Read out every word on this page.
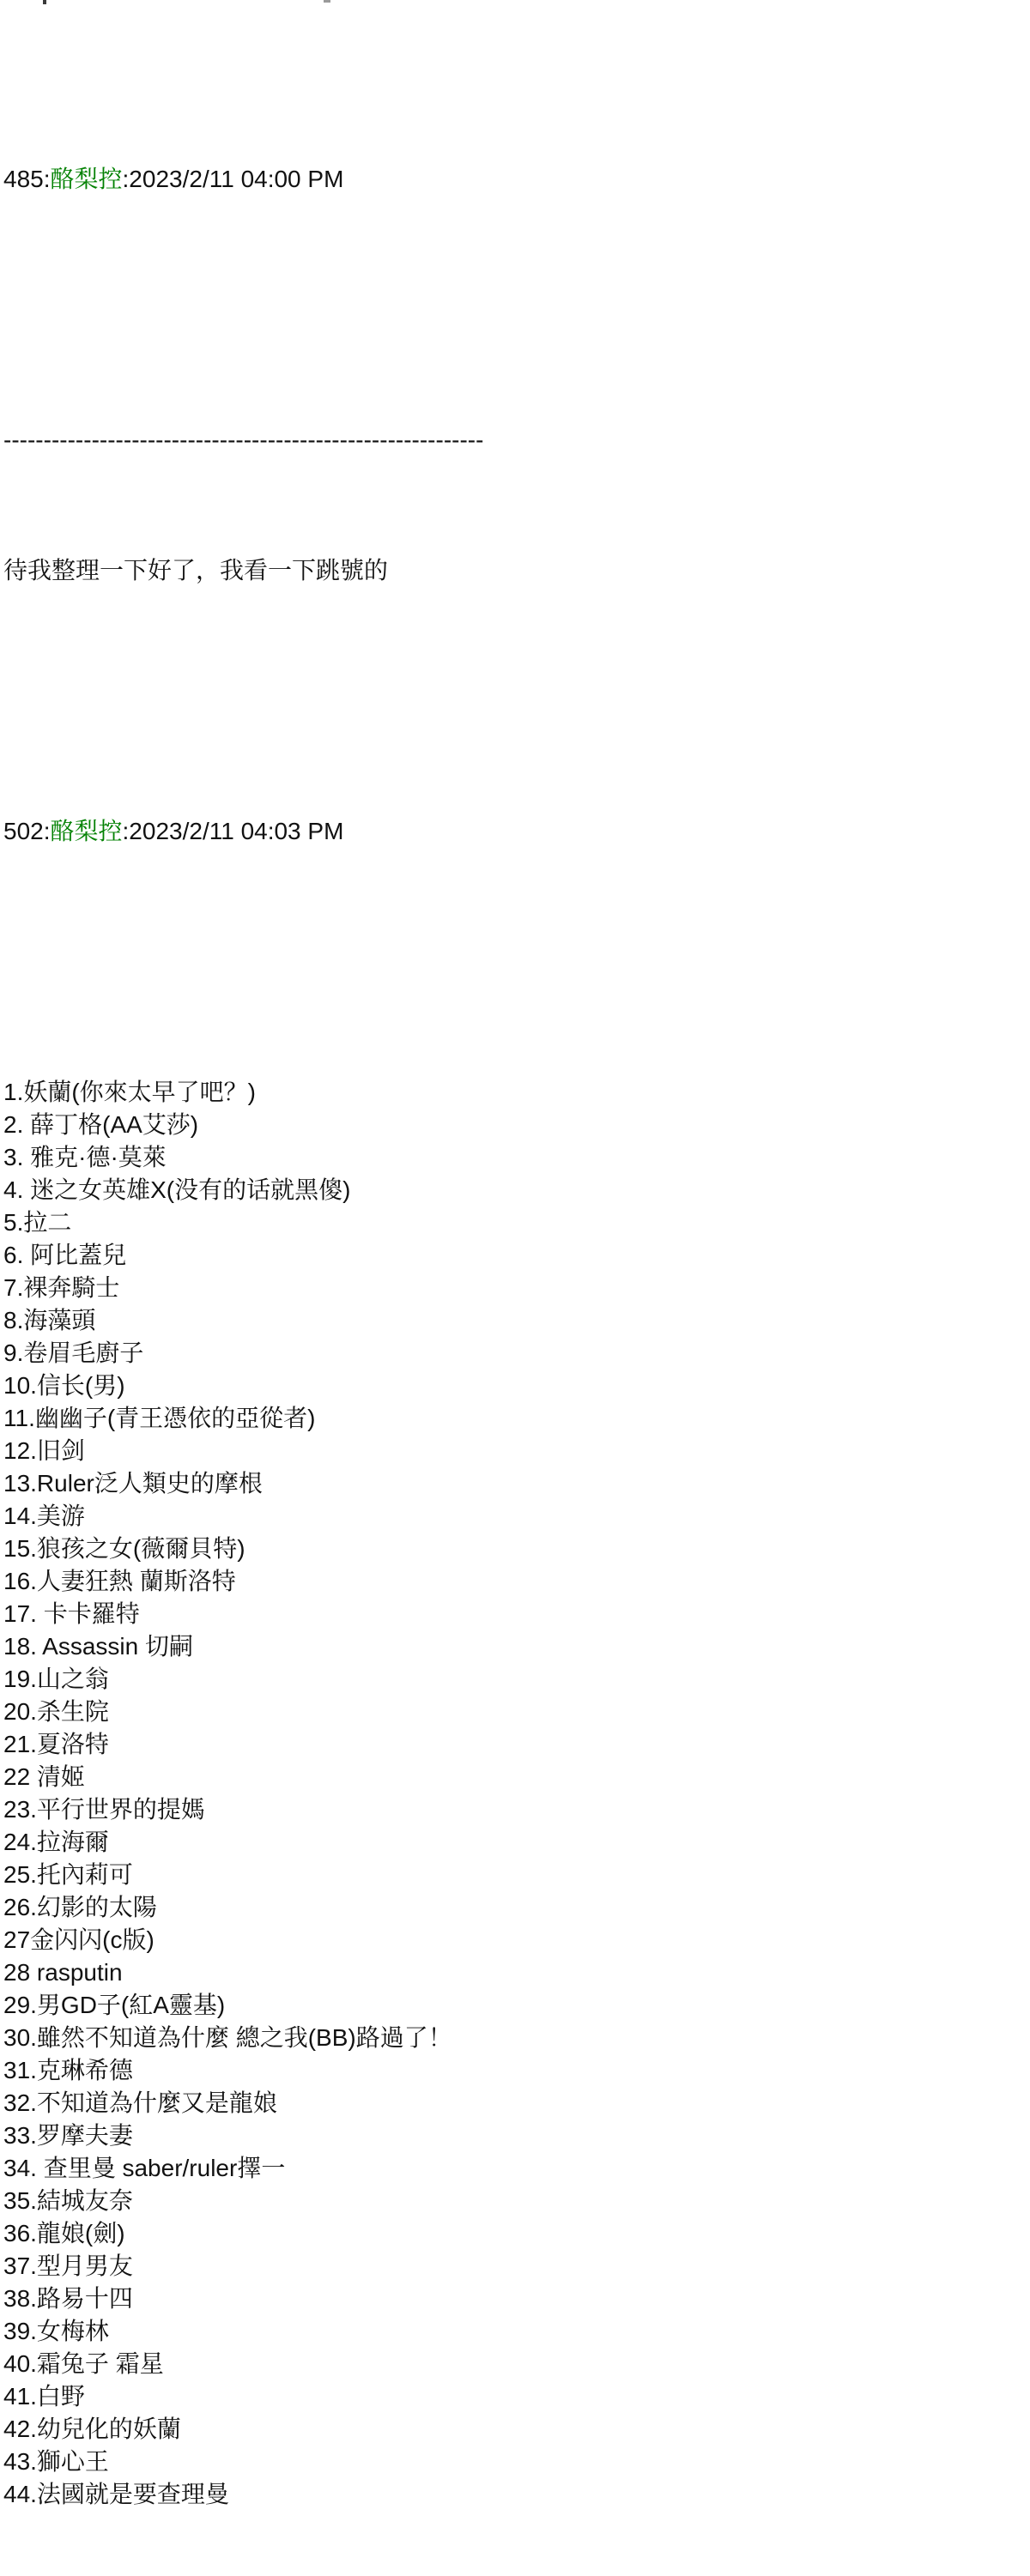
485:酪梨控:2023/2/11 04:00 PM

------------------------------------------------------------

待我整理一下好了，我看一下跳號的

502:酪梨控:2023/2/11 04:03 PM

1.妖蘭(你來太早了吧？)
2. 薛丁格(AA艾莎)
3. 雅克·德·莫萊
4. 迷之女英雄X(没有的话就黑傻)
5.拉二
6. 阿比蓋兒
7.裸奔騎士
8.海藻頭
9.卷眉毛廚子
10.信长(男)
11.幽幽子(青王憑依的亞從者)
12.旧剑
13.Ruler泛人類史的摩根
14.美游
15.狼孩之女(薇爾貝特)
16.人妻狂熱 蘭斯洛特
17. 卡卡羅特
18. Assassin 切嗣
19.山之翁
20.杀生院
21.夏洛特
22 清姬
23.平行世界的提媽
24.拉海爾
25.托內莉可
26.幻影的太陽
27金闪闪(c版)
28 rasputin
29.男GD子(紅A靈基)
30.雖然不知道為什麼 總之我(BB)路過了！
31.克琳希德
32.不知道為什麼又是龍娘
33.罗摩夫妻
34. 查里曼 saber/ruler擇一
35.結城友奈
36.龍娘(劍)
37.型月男友
38.路易十四
39.女梅林
40.霜兔子 霜星
41.白野
42.幼兒化的妖蘭
43.獅心王
44.法國就是要查理曼
